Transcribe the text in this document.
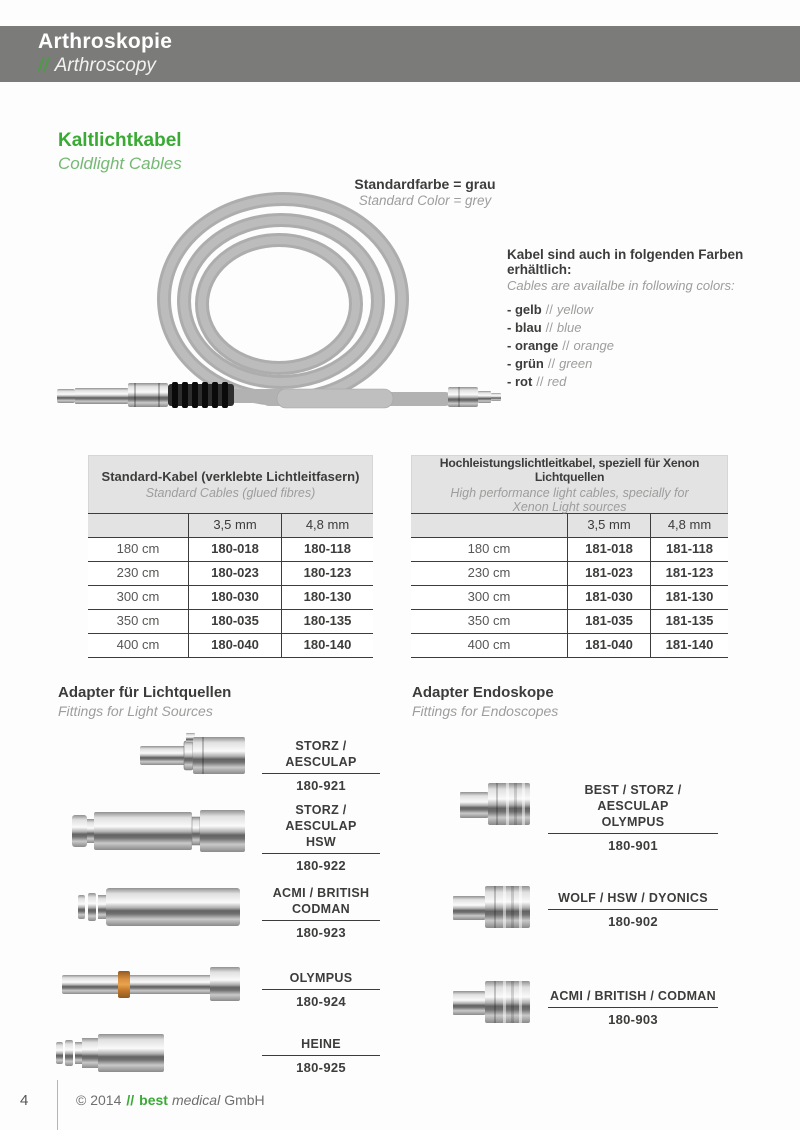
Arthroskopie
// Arthroscopy
Kaltlichtkabel
Coldlight Cables
Standardfarbe = grau
Standard Color = grey
Kabel sind auch in folgenden Farben erhältlich:
Cables are availalbe in following colors:
- gelb // yellow
- blau // blue
- orange // orange
- grün // green
- rot // red
Standard-Kabel (verklebte Lichtleitfasern)
Standard Cables (glued fibres)
3,5 mm	4,8 mm
180 cm	180-018	180-118
230 cm	180-023	180-123
300 cm	180-030	180-130
350 cm	180-035	180-135
400 cm	180-040	180-140
Hochleistungslichtleitkabel, speziell für Xenon Lichtquellen
High performance light cables, specially for
Xenon Light sources
3,5 mm	4,8 mm
180 cm	181-018	181-118
230 cm	181-023	181-123
300 cm	181-030	181-130
350 cm	181-035	181-135
400 cm	181-040	181-140
Adapter für Lichtquellen
Fittings for Light Sources
Adapter Endoskope
Fittings for Endoscopes
STORZ / AESCULAP
180-921
STORZ / AESCULAP
HSW
180-922
ACMI / BRITISH
CODMAN
180-923
OLYMPUS
180-924
HEINE
180-925
BEST / STORZ / AESCULAP
OLYMPUS
180-901
WOLF / HSW / DYONICS
180-902
ACMI / BRITISH / CODMAN
180-903
4	© 2014 // best medical GmbH
